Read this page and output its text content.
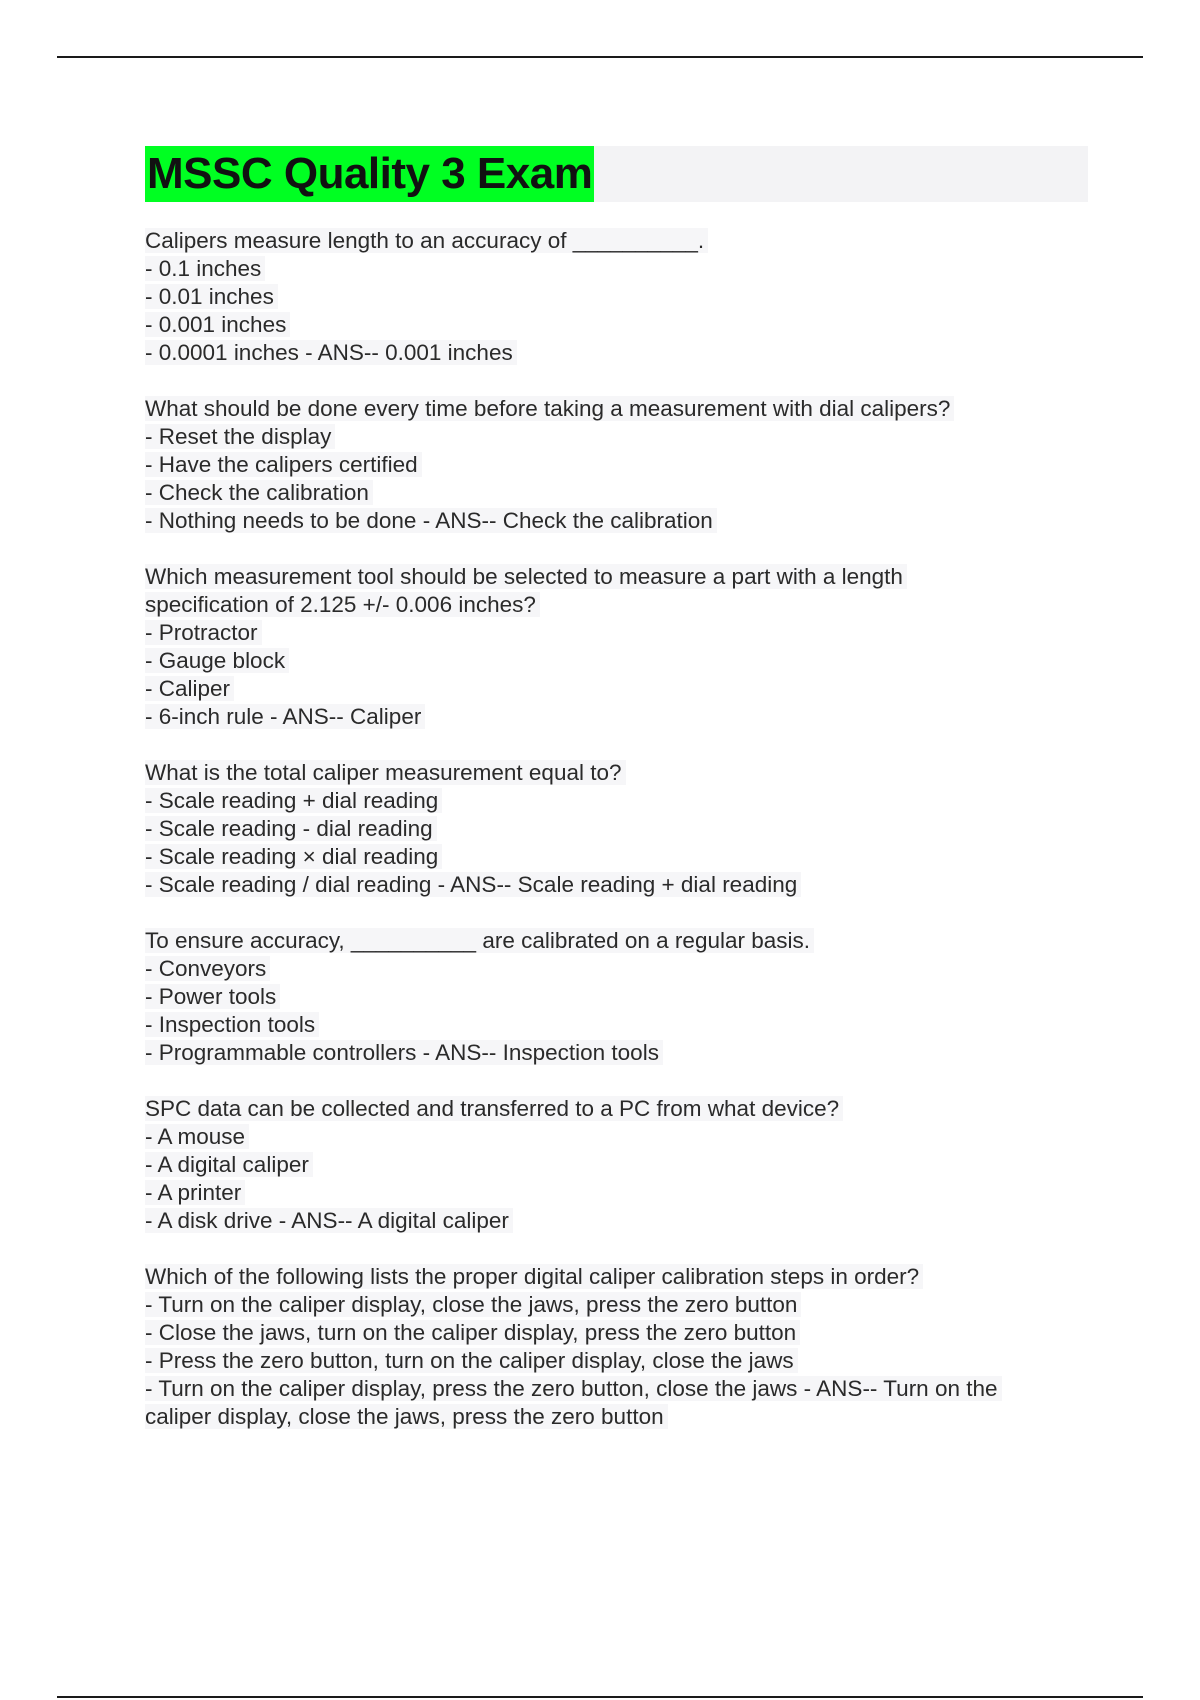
MSSC Quality 3 Exam
Calipers measure length to an accuracy of __________.
- 0.1 inches
- 0.01 inches
- 0.001 inches
- 0.0001 inches - ANS-- 0.001 inches
What should be done every time before taking a measurement with dial calipers?
- Reset the display
- Have the calipers certified
- Check the calibration
- Nothing needs to be done - ANS-- Check the calibration
Which measurement tool should be selected to measure a part with a length
specification of 2.125 +/- 0.006 inches?
- Protractor
- Gauge block
- Caliper
- 6-inch rule - ANS-- Caliper
What is the total caliper measurement equal to?
- Scale reading + dial reading
- Scale reading - dial reading
- Scale reading × dial reading
- Scale reading / dial reading - ANS-- Scale reading + dial reading
To ensure accuracy, __________ are calibrated on a regular basis.
- Conveyors
- Power tools
- Inspection tools
- Programmable controllers - ANS-- Inspection tools
SPC data can be collected and transferred to a PC from what device?
- A mouse
- A digital caliper
- A printer
- A disk drive - ANS-- A digital caliper
Which of the following lists the proper digital caliper calibration steps in order?
- Turn on the caliper display, close the jaws, press the zero button
- Close the jaws, turn on the caliper display, press the zero button
- Press the zero button, turn on the caliper display, close the jaws
- Turn on the caliper display, press the zero button, close the jaws - ANS-- Turn on the
caliper display, close the jaws, press the zero button
